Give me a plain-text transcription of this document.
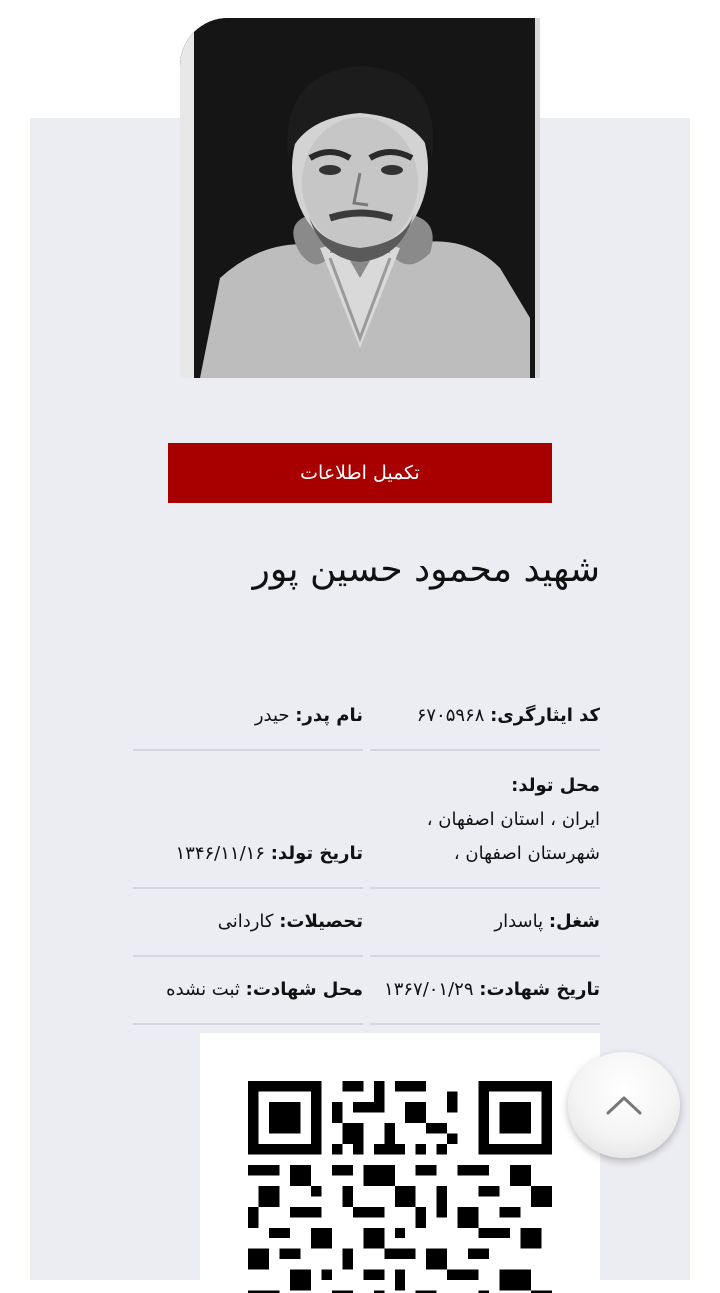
تکمیل اطلاعات
شهید محمود حسین پور
کد ایثارگری: ۶۷۰۵۹۶۸
نام پدر: حیدر
محل تولد:
ایران ، استان اصفهان ،
شهرستان اصفهان ،
تاریخ تولد: ۱۳۴۶/۱۱/۱۶
شغل: پاسدار
تحصیلات: کاردانی
تاریخ شهادت: ۱۳۶۷/۰۱/۲۹
محل شهادت: ثبت نشده
